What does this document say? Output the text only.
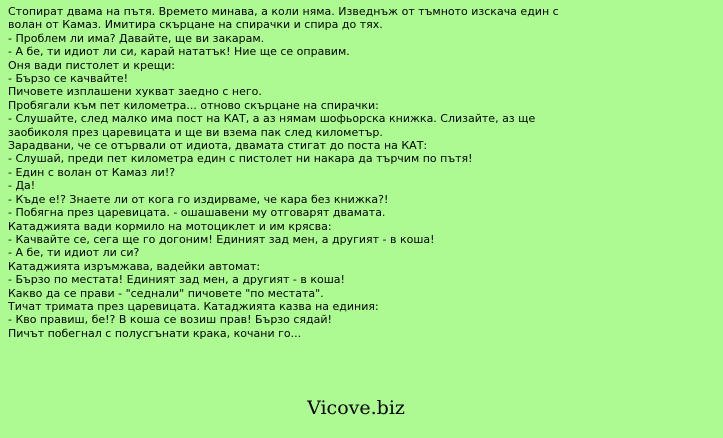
Стопират двама на пътя. Времето минава, а коли няма. Изведнъж от тъмното изскача един с
волан от Камаз. Имитира скърцане на спирачки и спира до тях.
- Проблем ли има? Давайте, ще ви закарам.
- А бе, ти идиот ли си, карай нататък! Ние ще се оправим.
Оня вади пистолет и крещи:
- Бързо се качвайте!
Пичовете изплашени хукват заедно с него.
Пробягали към пет километра... отново скърцане на спирачки:
- Слушайте, след малко има пост на КАТ, а аз нямам шофьорска книжка. Слизайте, аз ще
заобиколя през царевицата и ще ви взема пак след километър.
Зарадвани, че се отървали от идиота, двамата стигат до поста на КАТ:
- Слушай, преди пет километра един с пистолет ни накара да търчим по пътя!
- Един с волан от Камаз ли!?
- Да!
- Къде е!? Знаете ли от кога го издирваме, че кара без книжка?!
- Побягна през царевицата. - ошашавени му отговарят двамата.
Катаджията вади кормило на мотоциклет и им крясва:
- Качвайте се, сега ще го догоним! Единият зад мен, а другият - в коша!
- А бе, ти идиот ли си?
Катаджията изръмжава, вадейки автомат:
- Бързо по местата! Единият зад мен, а другият - в коша!
Какво да се прави - "седнали" пичовете "по местата".
Тичат тримата през царевицата. Катаджията казва на единия:
- Кво правиш, бе!? В коша се возиш прав! Бързо сядай!
Пичът побегнал с полусгънати крака, кочани го...
Vicove.biz
